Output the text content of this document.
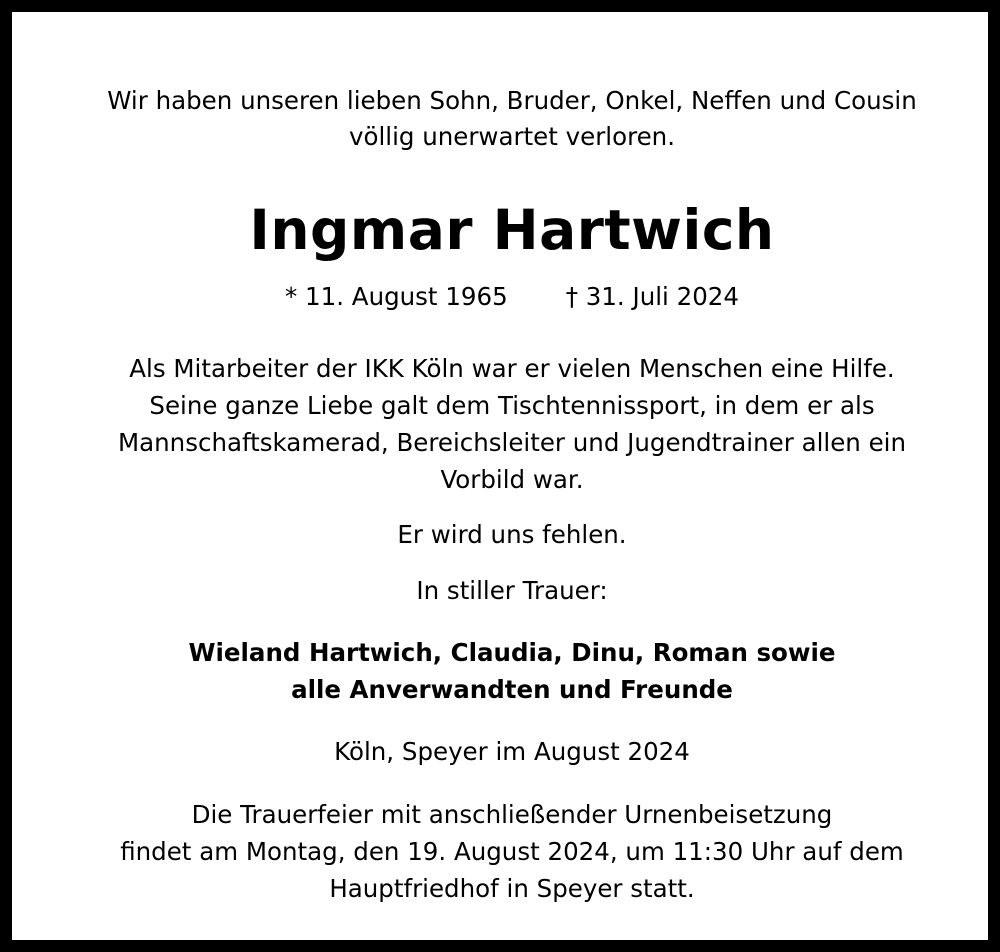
Wir haben unseren lieben Sohn, Bruder, Onkel, Neffen und Cousin
völlig unerwartet verloren.
Ingmar Hartwich
* 11. August 1965 † 31. Juli 2024
Als Mitarbeiter der IKK Köln war er vielen Menschen eine Hilfe.
Seine ganze Liebe galt dem Tischtennissport, in dem er als
Mannschaftskamerad, Bereichsleiter und Jugendtrainer allen ein
Vorbild war.
Er wird uns fehlen.
In stiller Trauer:
Wieland Hartwich, Claudia, Dinu, Roman sowie
alle Anverwandten und Freunde
Köln, Speyer im August 2024
Die Trauerfeier mit anschließender Urnenbeisetzung
findet am Montag, den 19. August 2024, um 11:30 Uhr auf dem
Hauptfriedhof in Speyer statt.
